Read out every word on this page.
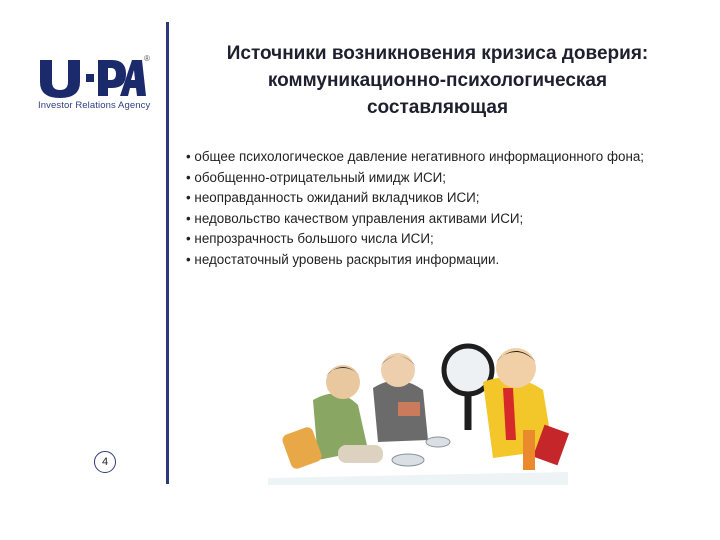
®
Investor Relations Agency
Источники возникновения кризиса доверия:
коммуникационно-психологическая
составляющая
• общее психологическое давление негативного информационного фона;
• обобщенно-отрицательный имидж ИСИ;
• неоправданность ожиданий вкладчиков ИСИ;
• недовольство качеством управления активами ИСИ;
• непрозрачность большого числа ИСИ;
• недостаточный уровень раскрытия информации.
4
